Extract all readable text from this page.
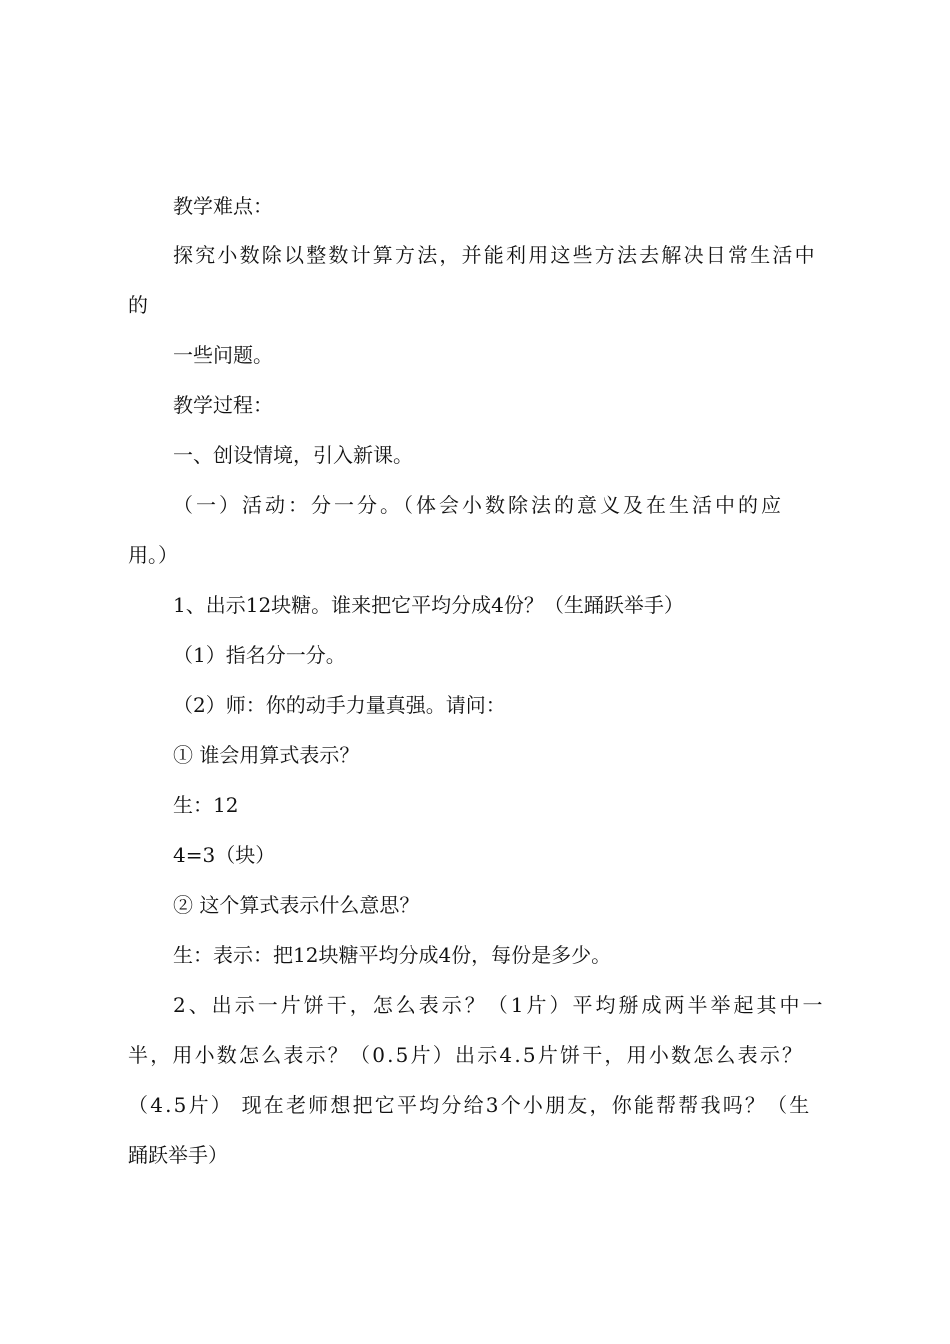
教学难点：
探究小数除以整数计算方法，并能利用这些方法去解决日常生活中
的
一些问题。
教学过程：
一、创设情境，引入新课。
（一）活动：分一分。（体会小数除法的意义及在生活中的应
用。）
1、出示12块糖。谁来把它平均分成4份？（生踊跃举手）
（1）指名分一分。
（2）师：你的动手力量真强。请问：
① 谁会用算式表示？
生：12
4=3（块）
② 这个算式表示什么意思？
生：表示：把12块糖平均分成4份，每份是多少。
2、出示一片饼干，怎么表示？（1片）平均掰成两半举起其中一
半，用小数怎么表示？（0.5片）出示4.5片饼干，用小数怎么表示？
（4.5片） 现在老师想把它平均分给3个小朋友，你能帮帮我吗？（生
踊跃举手）
